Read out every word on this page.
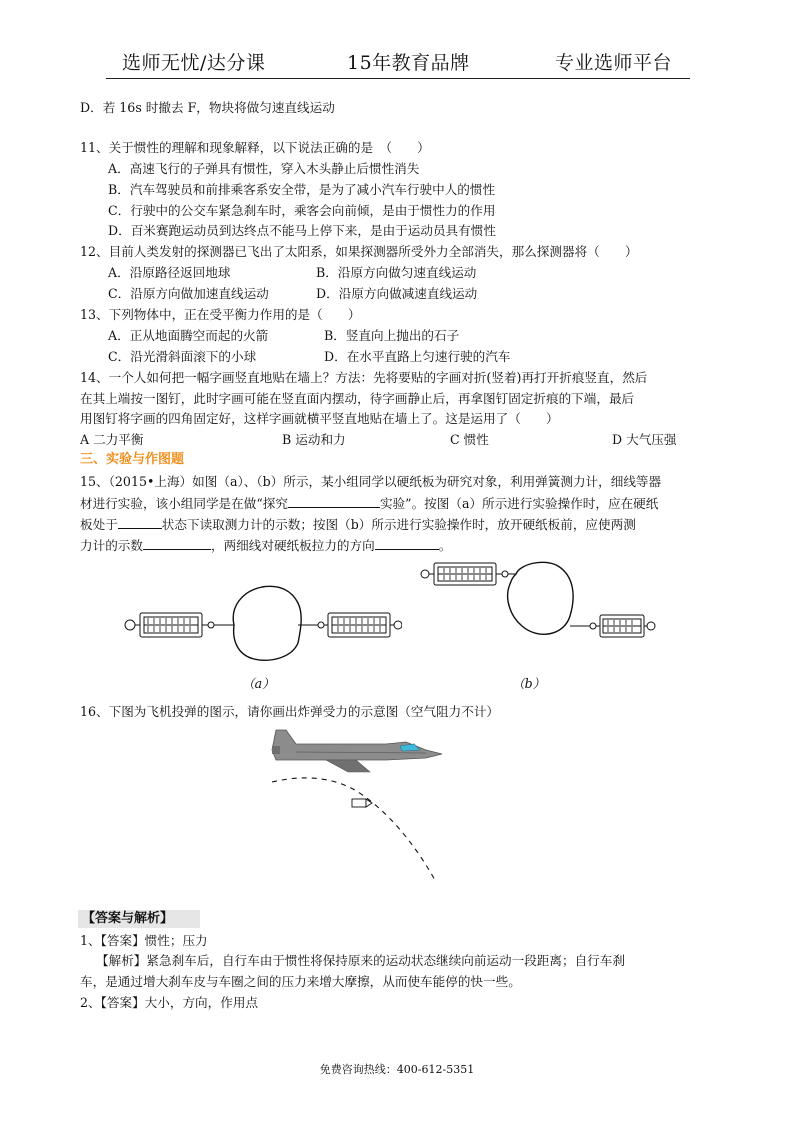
选师无忧/达分课	15年教育品牌	专业选师平台
D．若 16s 时撤去 F，物块将做匀速直线运动
11、关于惯性的理解和现象解释，以下说法正确的是　（　　）
A．高速飞行的子弹具有惯性，穿入木头静止后惯性消失
B．汽车驾驶员和前排乘客系安全带，是为了减小汽车行驶中人的惯性
C．行驶中的公交车紧急刹车时，乘客会向前倾，是由于惯性力的作用
D．百米赛跑运动员到达终点不能马上停下来，是由于运动员具有惯性
12、目前人类发射的探测器已飞出了太阳系，如果探测器所受外力全部消失，那么探测器将（　　）
A．沿原路径返回地球	B．沿原方向做匀速直线运动
C．沿原方向做加速直线运动	D．沿原方向做减速直线运动
13、下列物体中，正在受平衡力作用的是（　　）
A．正从地面腾空而起的火箭	B．竖直向上抛出的石子
C．沿光滑斜面滚下的小球	D．在水平直路上匀速行驶的汽车
14、一个人如何把一幅字画竖直地贴在墙上？方法：先将要贴的字画对折(竖着)再打开折痕竖直，然后
在其上端按一图钉，此时字画可能在竖直面内摆动，待字画静止后，再拿图钉固定折痕的下端，最后
用图钉将字画的四角固定好，这样字画就横平竖直地贴在墙上了。这是运用了（　　）
A 二力平衡	B 运动和力	C 惯性	D 大气压强
三、实验与作图题
15、（2015•上海）如图（a）、（b）所示，某小组同学以硬纸板为研究对象，利用弹簧测力计，细线等器
材进行实验，该小组同学是在做“探究	实验”。按图（a）所示进行实验操作时，应在硬纸
板处于	状态下读取测力计的示数；按图（b）所示进行实验操作时，放开硬纸板前，应使两测
力计的示数	，两细线对硬纸板拉力的方向	。
（a）	（b）
16、下图为飞机投弹的图示，请你画出炸弹受力的示意图（空气阻力不计）
【答案与解析】
1、【答案】惯性；压力
【解析】紧急刹车后，自行车由于惯性将保持原来的运动状态继续向前运动一段距离；自行车刹
车，是通过增大刹车皮与车圈之间的压力来增大摩擦，从而使车能停的快一些。
2、【答案】大小，方向，作用点
免费咨询热线：400-612-5351
